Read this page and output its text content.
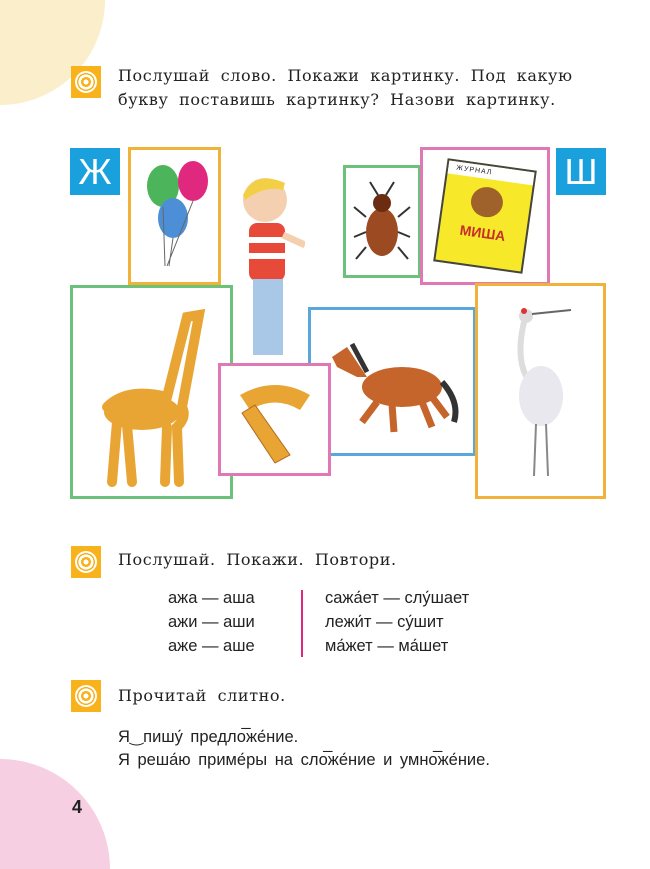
Послушай слово. Покажи картинку. Под какую
букву поставишь картинку? Назови картинку.
Ж	Ш
ЖУРНАЛ
МИША
Послушай. Покажи. Повтори.
ажа — аша	сажа́ет — слу́шает
ажи — аши	лежи́т — су́шит
аже — аше	ма́жет — ма́шет
Прочитай слитно.
Я‿пишу́ предло̅же́ние.
Я реша́ю приме́ры на сло̅же́ние и умно̅же́ние.
4
